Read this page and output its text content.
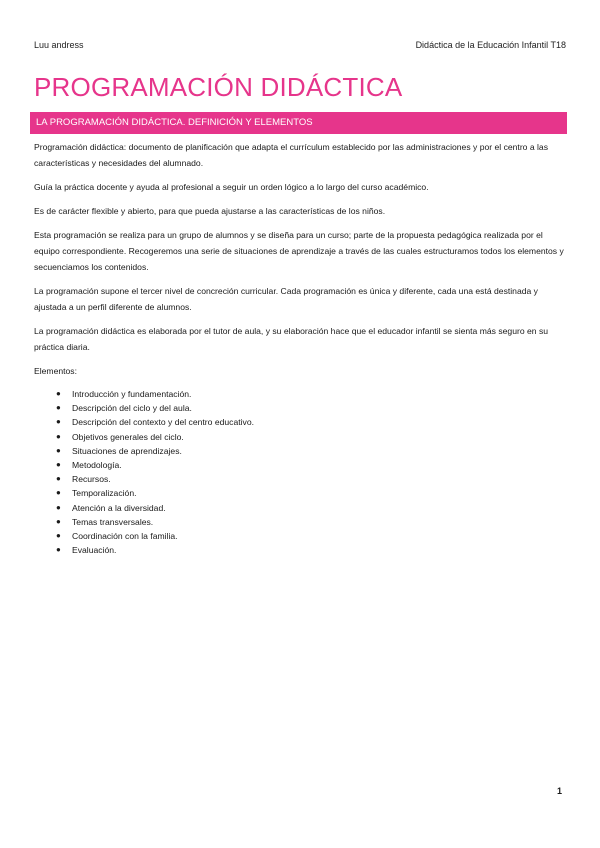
Luu andress	Didáctica de la Educación Infantil T18
PROGRAMACIÓN DIDÁCTICA
LA PROGRAMACIÓN DIDÁCTICA. DEFINICIÓN Y ELEMENTOS

Programación didáctica: documento de planificación que adapta el currículum establecido por las administraciones y por el centro a las características y necesidades del alumnado.

Guía la práctica docente y ayuda al profesional a seguir un orden lógico a lo largo del curso académico.

Es de carácter flexible y abierto, para que pueda ajustarse a las características de los niños.

Esta programación se realiza para un grupo de alumnos y se diseña para un curso; parte de la propuesta pedagógica realizada por el equipo correspondiente. Recogeremos una serie de situaciones de aprendizaje a través de las cuales estructuramos todos los elementos y secuenciamos los contenidos.

La programación supone el tercer nivel de concreción curricular. Cada programación es única y diferente, cada una está destinada y ajustada a un perfil diferente de alumnos.

La programación didáctica es elaborada por el tutor de aula, y su elaboración hace que el educador infantil se sienta más seguro en su práctica diaria.

Elementos:

● Introducción y fundamentación.
● Descripción del ciclo y del aula.
● Descripción del contexto y del centro educativo.
● Objetivos generales del ciclo.
● Situaciones de aprendizajes.
● Metodología.
● Recursos.
● Temporalización.
● Atención a la diversidad.
● Temas transversales.
● Coordinación con la familia.
● Evaluación.
1
